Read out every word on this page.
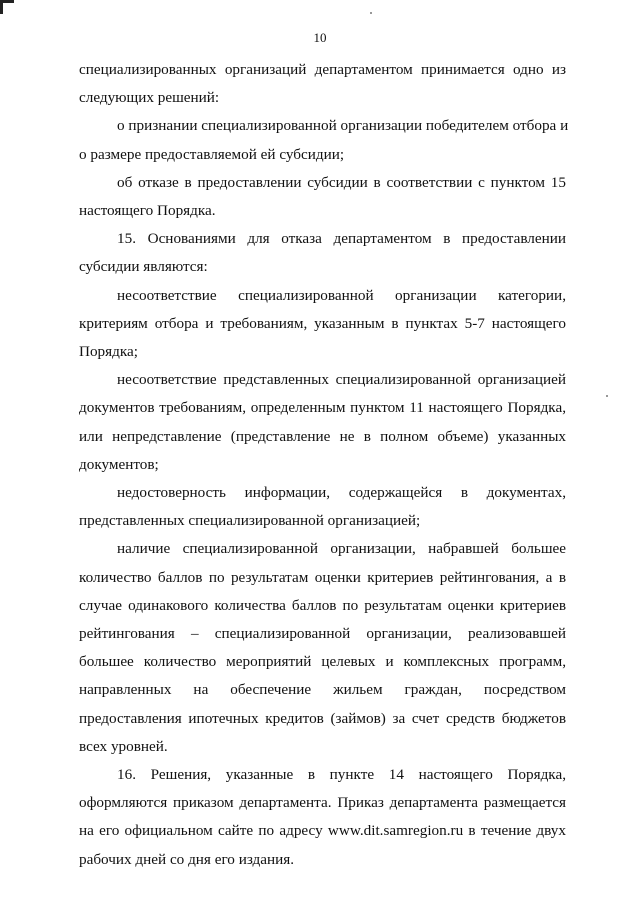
10

специализированных организаций департаментом принимается одно из
следующих решений:

о признании специализированной организации победителем отбора и
о размере предоставляемой ей субсидии;

об отказе в предоставлении субсидии в соответствии с пунктом 15
настоящего Порядка.

15. Основаниями для отказа департаментом в предоставлении
субсидии являются:

несоответствие специализированной организации категории,
критериям отбора и требованиям, указанным в пунктах 5-7 настоящего
Порядка;

несоответствие представленных специализированной организацией
документов требованиям, определенным пунктом 11 настоящего Порядка,
или непредставление (представление не в полном объеме) указанных
документов;

недостоверность информации, содержащейся в документах,
представленных специализированной организацией;

наличие специализированной организации, набравшей большее
количество баллов по результатам оценки критериев рейтингования, а в
случае одинакового количества баллов по результатам оценки критериев
рейтингования – специализированной организации, реализовавшей
большее количество мероприятий целевых и комплексных программ,
направленных на обеспечение жильем граждан, посредством
предоставления ипотечных кредитов (займов) за счет средств бюджетов
всех уровней.

16. Решения, указанные в пункте 14 настоящего Порядка,
оформляются приказом департамента. Приказ департамента размещается
на его официальном сайте по адресу www.dit.samregion.ru в течение двух
рабочих дней со дня его издания.
